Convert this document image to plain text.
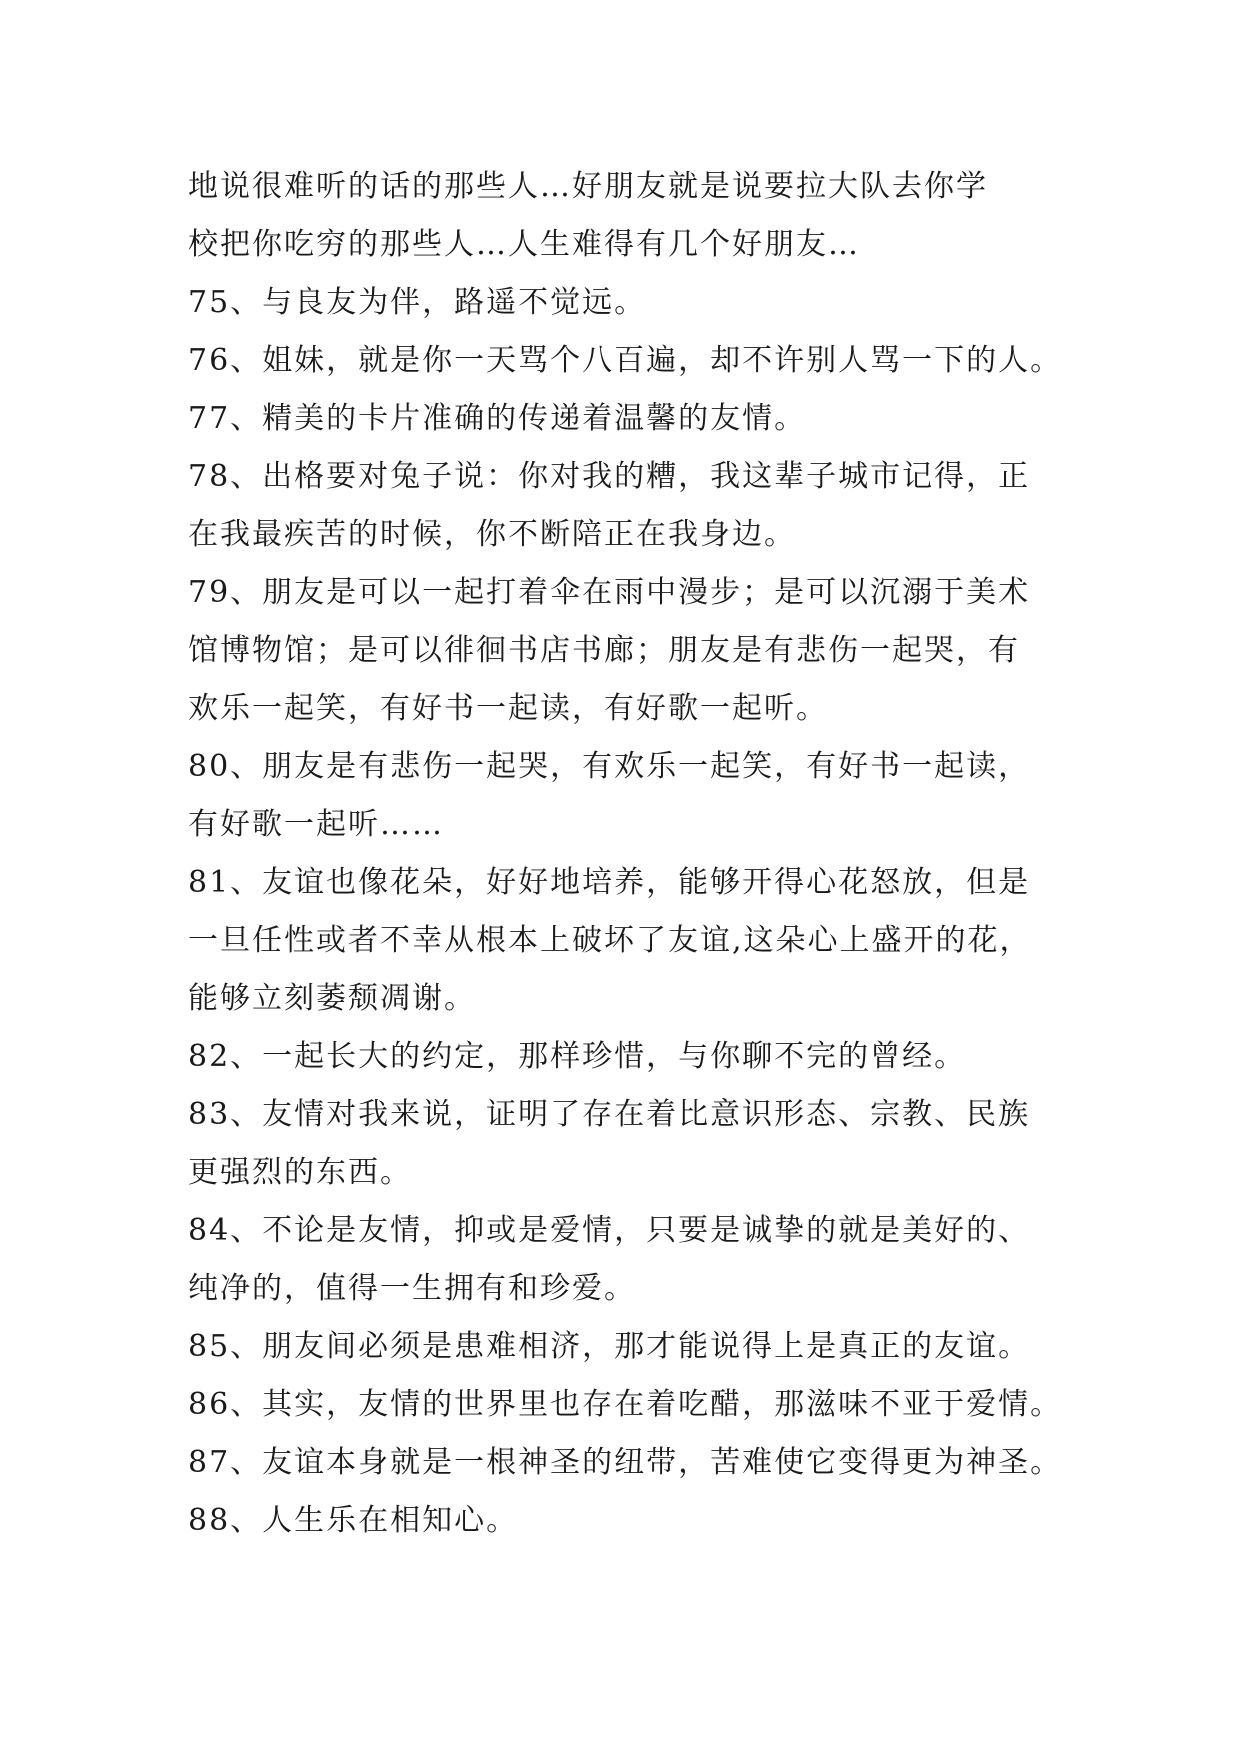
地说很难听的话的那些人…好朋友就是说要拉大队去你学
校把你吃穷的那些人…人生难得有几个好朋友…
75、与良友为伴，路遥不觉远。
76、姐妹，就是你一天骂个八百遍，却不许别人骂一下的人。
77、精美的卡片准确的传递着温馨的友情。
78、出格要对兔子说：你对我的糟，我这辈子城市记得，正
在我最疾苦的时候，你不断陪正在我身边。
79、朋友是可以一起打着伞在雨中漫步；是可以沉溺于美术
馆博物馆；是可以徘徊书店书廊；朋友是有悲伤一起哭，有
欢乐一起笑，有好书一起读，有好歌一起听。
80、朋友是有悲伤一起哭，有欢乐一起笑，有好书一起读，
有好歌一起听……
81、友谊也像花朵，好好地培养，能够开得心花怒放，但是
一旦任性或者不幸从根本上破坏了友谊,这朵心上盛开的花，
能够立刻萎颓凋谢。
82、一起长大的约定，那样珍惜，与你聊不完的曾经。
83、友情对我来说，证明了存在着比意识形态、宗教、民族
更强烈的东西。
84、不论是友情，抑或是爱情，只要是诚挚的就是美好的、
纯净的，值得一生拥有和珍爱。
85、朋友间必须是患难相济，那才能说得上是真正的友谊。
86、其实，友情的世界里也存在着吃醋，那滋味不亚于爱情。
87、友谊本身就是一根神圣的纽带，苦难使它变得更为神圣。
88、人生乐在相知心。
